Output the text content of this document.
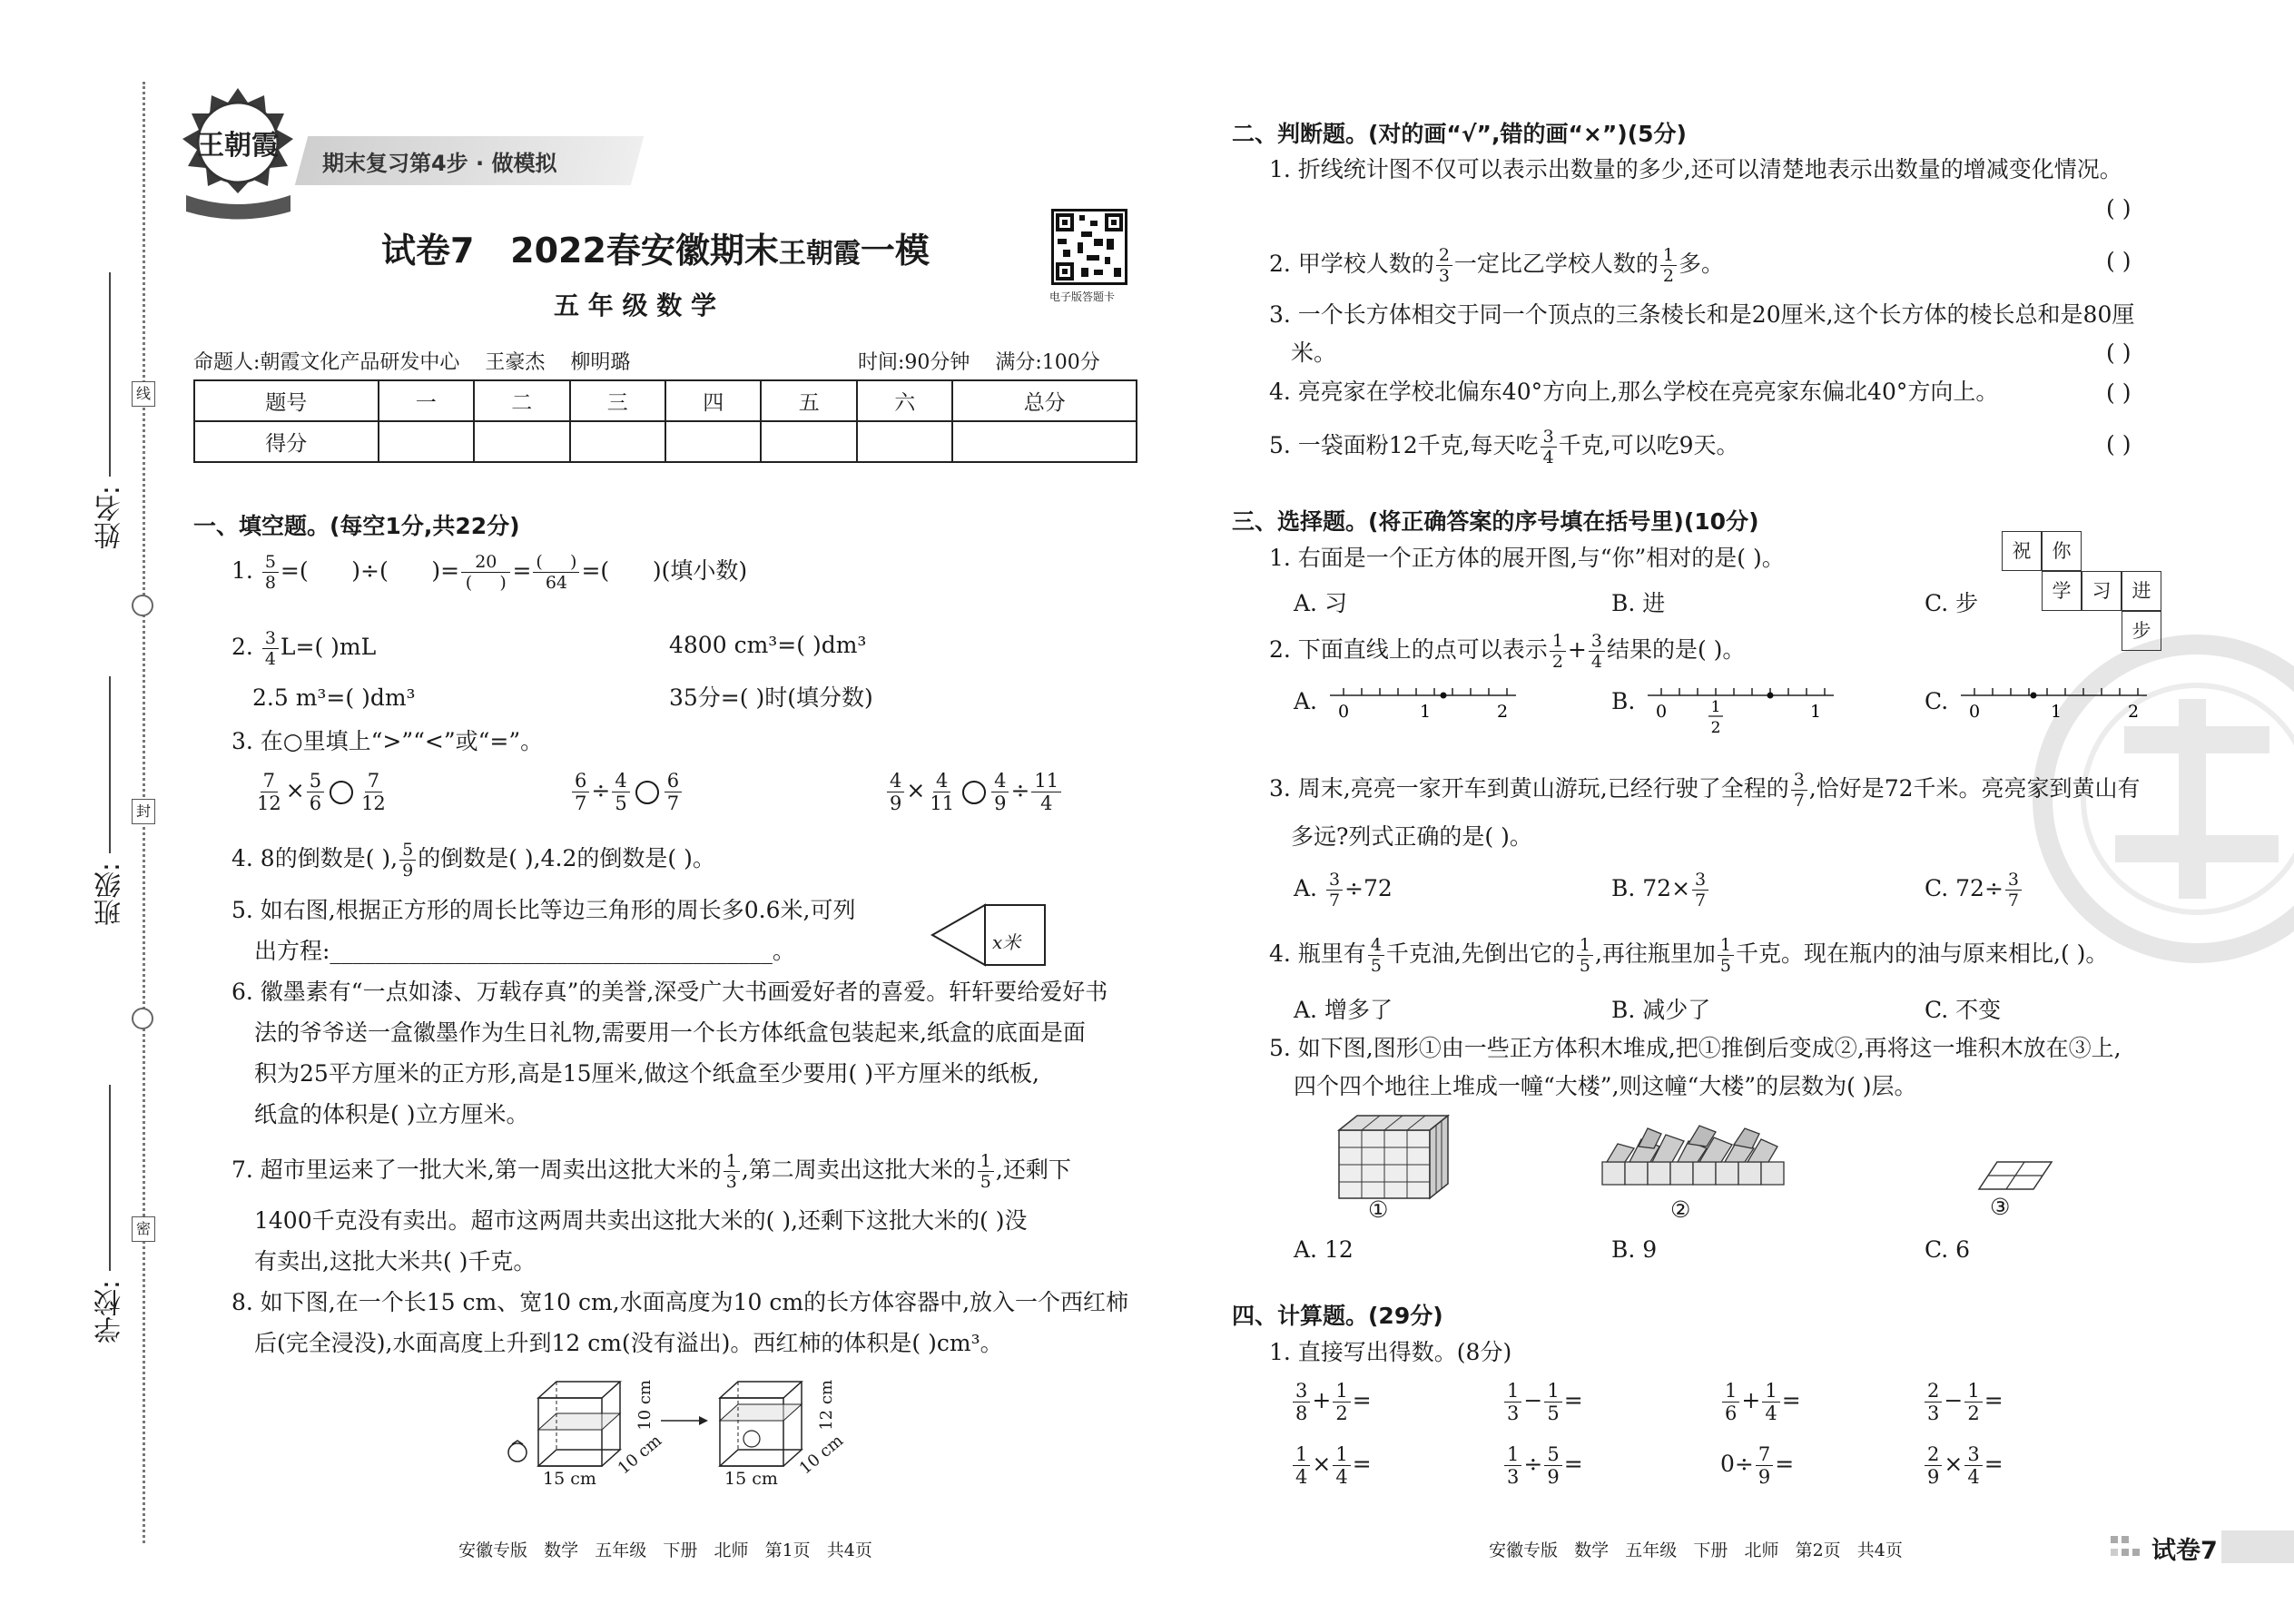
姓名:
班级:
学校:
线
封
密
王朝霞
期末复习第4步 · 做模拟
试卷7 2022春安徽期末王朝霞一模
五 年 级 数 学	电子版答题卡
命题人:朝霞文化产品研发中心    王豪杰    柳明璐	时间:90分钟    满分:100分
题号	一	二	三	四	五	六	总分
得分							
一、填空题。(每空1分,共22分)
1. $\frac{5}{8}$ =(      )÷(      )= 20
(     ) = (     )
64 =(      )(填小数)
2. $\frac{3}{4} L=$( )mL	4800 cm³=( )dm³
2.5 m³=( )dm³	35分=( )时(填分数)
3. 在○里填上“>”“<”或“=”。
$\frac{7}{12} \times \frac{5}{6} \frac{7}{12}$	$\frac{6}{7} \div \frac{4}{5} \frac{6}{7}$	$\frac{4}{9} \times \frac{4}{11} \frac{4}{9} \div \frac{11}{4}$
4. 8的倒数是( ), $\frac{5}{9}$ 的倒数是( ),4.2的倒数是( )。
5. 如右图,根据正方形的周长比等边三角形的周长多0.6米,可列
出方程:_______________________________________。	x米
6. 徽墨素有“一点如漆、万载存真”的美誉,深受广大书画爱好者的喜爱。轩轩要给爱好书
法的爷爷送一盒徽墨作为生日礼物,需要用一个长方体纸盒包装起来,纸盒的底面是面
积为25平方厘米的正方形,高是15厘米,做这个纸盒至少要用( )平方厘米的纸板,
纸盒的体积是( )立方厘米。
7. 超市里运来了一批大米,第一周卖出这批大米的 $\frac{1}{3}$ ,第二周卖出这批大米的 $\frac{1}{5}$ ,还剩下
1400千克没有卖出。超市这两周共卖出这批大米的( ),还剩下这批大米的( )没
有卖出,这批大米共( )千克。
8. 如下图,在一个长15 cm、宽10 cm,水面高度为10 cm的长方体容器中,放入一个西红柿
后(完全浸没),水面高度上升到12 cm(没有溢出)。西红柿的体积是( )cm³。
15 cm	15 cm
10 cm
10 cm
12 cm
10 cm
安徽专版   数学   五年级   下册   北师   第1页   共4页
二、判断题。(对的画“√”,错的画“×”)(5分)
1. 折线统计图不仅可以表示出数量的多少,还可以清楚地表示出数量的增减变化情况。
( )
2. 甲学校人数的 $\frac{2}{3}$ 一定比乙学校人数的 $\frac{1}{2}$ 多。	( )
3. 一个长方体相交于同一个顶点的三条棱长和是20厘米,这个长方体的棱长总和是80厘
米。	( )
4. 亮亮家在学校北偏东40°方向上,那么学校在亮亮家东偏北40°方向上。	( )
5. 一袋面粉12千克,每天吃 $\frac{3}{4}$ 千克,可以吃9天。	( )
三、选择题。(将正确答案的序号填在括号里)(10分)
1. 右面是一个正方体的展开图,与“你”相对的是( )。
A. 习	B. 进	C. 步
祝	你
学	习	进
步
2. 下面直线上的点可以表示 $\frac{1}{2} + \frac{3}{4}$ 结果的是( )。
A. 0	1	2	B. 0	1
2
1	C. 0	1	2
3. 周末,亮亮一家开车到黄山游玩,已经行驶了全程的 $\frac{3}{7}$ ,恰好是72千米。亮亮家到黄山有
多远?列式正确的是( )。
A. $\frac{3}{7} \div 72$	B. $72\times \frac{3}{7}$	C. $72\div \frac{3}{7}$
4. 瓶里有 $\frac{4}{5}$ 千克油,先倒出它的 $\frac{1}{5}$ ,再往瓶里加 $\frac{1}{5}$ 千克。现在瓶内的油与原来相比,( )。
A. 增多了	B. 减少了	C. 不变
5. 如下图,图形①由一些正方体积木堆成,把①推倒后变成②,再将这一堆积木放在③上,
四个四个地往上堆成一幢“大楼”,则这幢“大楼”的层数为( )层。
①	②	③
A. 12	B. 9	C. 6
四、计算题。(29分)
1. 直接写出得数。(8分)
$\frac{3}{8} + \frac{1}{2}$ =	$\frac{1}{3} - \frac{1}{5}$ =	$\frac{1}{6} + \frac{1}{4}$ =	$\frac{2}{3} - \frac{1}{2}$ =
$\frac{1}{4} \times \frac{1}{4}$ =	$\frac{1}{3} \div \frac{5}{9}$ =	$0\div \frac{7}{9}$ =	$\frac{2}{9} \times \frac{3}{4}$ =
安徽专版   数学   五年级   下册   北师   第2页   共4页	试卷7
